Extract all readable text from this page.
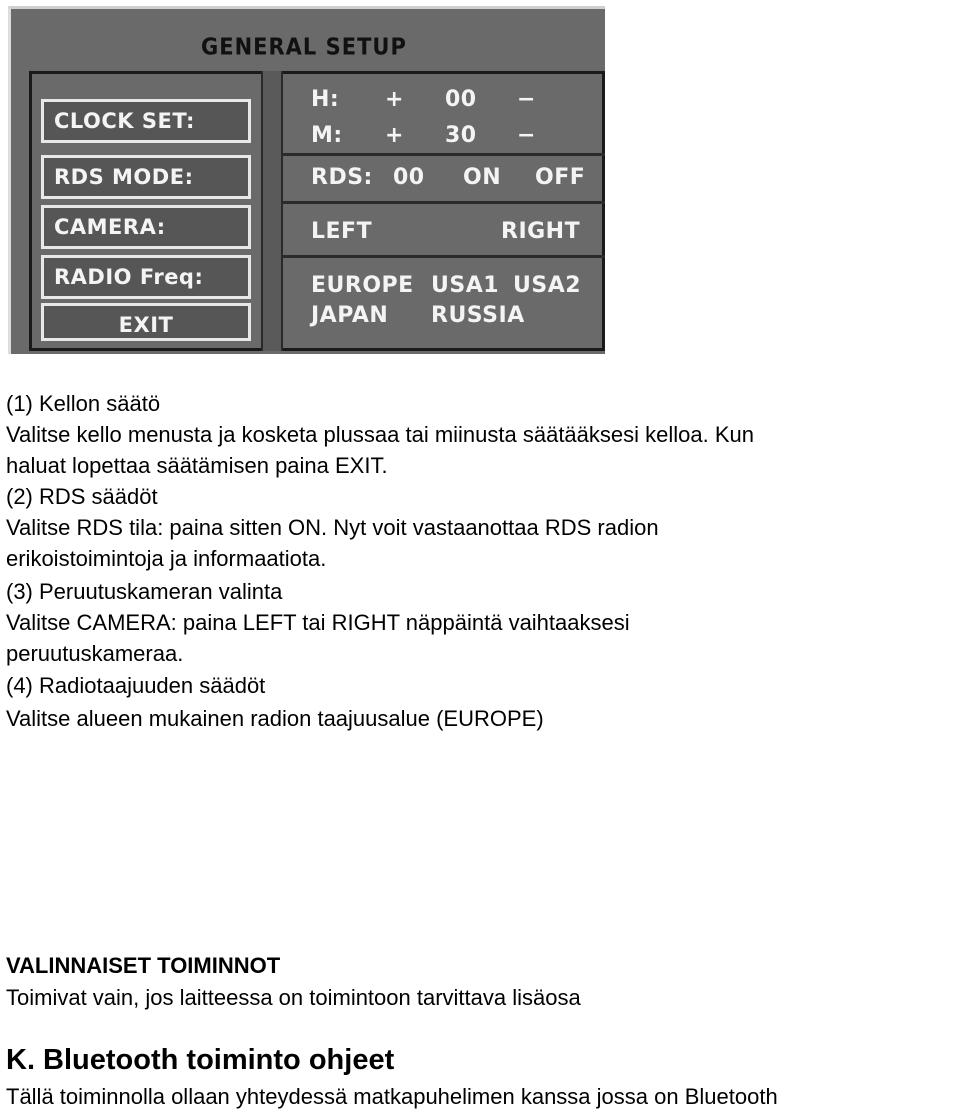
GENERAL SETUP
CLOCK SET:
RDS MODE:
CAMERA:
RADIO Freq:
EXIT
H: + 00 −
M: + 30 −
RDS: 00 ON OFF
LEFT	RIGHT
EUROPE USA1 USA2
JAPAN RUSSIA
(1) Kellon säätö
Valitse kello menusta ja kosketa plussaa tai miinusta säätääksesi kelloa. Kun
haluat lopettaa säätämisen paina EXIT.
(2) RDS säädöt
Valitse RDS tila: paina sitten ON. Nyt voit vastaanottaa RDS radion
erikoistoimintoja ja informaatiota.
(3) Peruutuskameran valinta
Valitse CAMERA: paina LEFT tai RIGHT näppäintä vaihtaaksesi
peruutuskameraa.
(4) Radiotaajuuden säädöt
Valitse alueen mukainen radion taajuusalue (EUROPE)
VALINNAISET TOIMINNOT
Toimivat vain, jos laitteessa on toimintoon tarvittava lisäosa
K. Bluetooth toiminto ohjeet
Tällä toiminnolla ollaan yhteydessä matkapuhelimen kanssa jossa on Bluetooth
